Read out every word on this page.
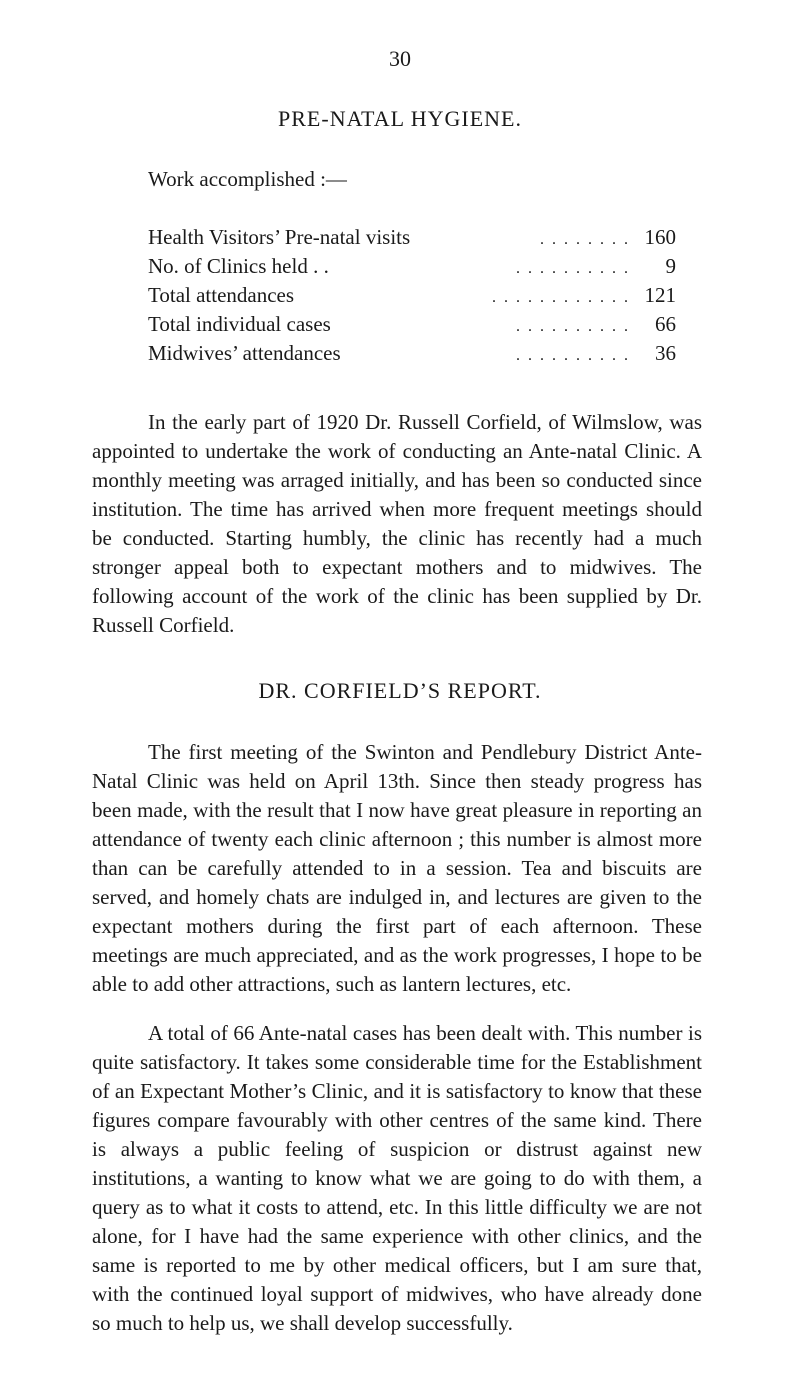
30
PRE-NATAL HYGIENE.
Work accomplished :—
Health Visitors’ Pre-natal visits	. . . . . . . . 160
No. of Clinics held . .	. . . . . . . . . .	9
Total attendances	. . . . . . . . . . . . 121
Total individual cases	. . . . . . . . . .	66
Midwives’ attendances	. . . . . . . . . .	36

In the early part of 1920 Dr. Russell Corfield, of Wilmslow, was appointed to undertake the work of conducting an Ante-natal Clinic. A monthly meeting was arraged initially, and has been so conducted since institution. The time has arrived when more frequent meetings should be conducted. Starting humbly, the clinic has recently had a much stronger appeal both to expectant mothers and to midwives. The following account of the work of the clinic has been supplied by Dr. Russell Corfield.

DR. CORFIELD’S REPORT.

The first meeting of the Swinton and Pendlebury District Ante-Natal Clinic was held on April 13th. Since then steady progress has been made, with the result that I now have great pleasure in reporting an attendance of twenty each clinic afternoon ; this number is almost more than can be carefully attended to in a session. Tea and biscuits are served, and homely chats are indulged in, and lectures are given to the expectant mothers during the first part of each afternoon. These meetings are much appreciated, and as the work progresses, I hope to be able to add other attractions, such as lantern lectures, etc.

A total of 66 Ante-natal cases has been dealt with. This number is quite satisfactory. It takes some considerable time for the Establishment of an Expectant Mother’s Clinic, and it is satisfactory to know that these figures compare favourably with other centres of the same kind. There is always a public feeling of suspicion or distrust against new institutions, a wanting to know what we are going to do with them, a query as to what it costs to attend, etc. In this little difficulty we are not alone, for I have had the same experience with other clinics, and the same is reported to me by other medical officers, but I am sure that, with the continued loyal support of midwives, who have already done so much to help us, we shall develop successfully.
